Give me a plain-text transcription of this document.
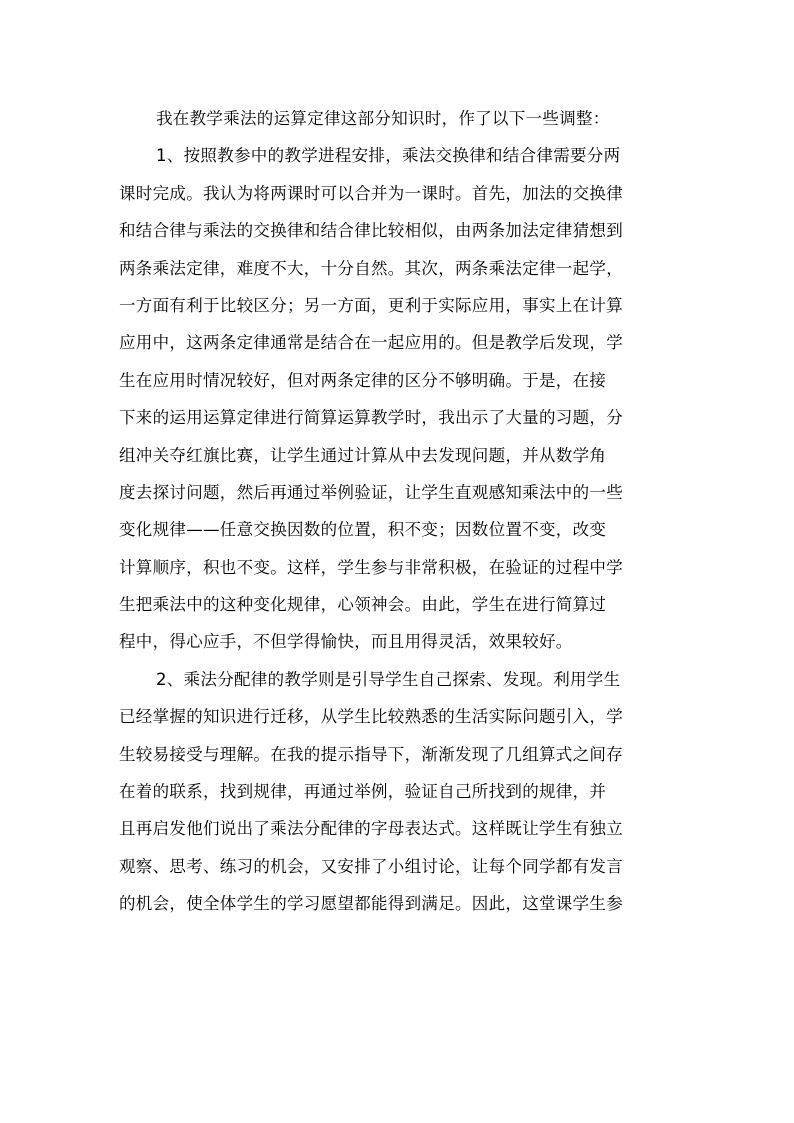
我在教学乘法的运算定律这部分知识时，作了以下一些调整：
1、按照教参中的教学进程安排，乘法交换律和结合律需要分两
课时完成。我认为将两课时可以合并为一课时。首先，加法的交换律
和结合律与乘法的交换律和结合律比较相似，由两条加法定律猜想到
两条乘法定律，难度不大，十分自然。其次，两条乘法定律一起学，
一方面有利于比较区分；另一方面，更利于实际应用，事实上在计算
应用中，这两条定律通常是结合在一起应用的。但是教学后发现，学
生在应用时情况较好，但对两条定律的区分不够明确。于是，在接
下来的运用运算定律进行简算运算教学时，我出示了大量的习题，分
组冲关夺红旗比赛，让学生通过计算从中去发现问题，并从数学角
度去探讨问题，然后再通过举例验证，让学生直观感知乘法中的一些
变化规律——任意交换因数的位置，积不变；因数位置不变，改变
计算顺序，积也不变。这样，学生参与非常积极，在验证的过程中学
生把乘法中的这种变化规律，心领神会。由此，学生在进行简算过
程中，得心应手，不但学得愉快，而且用得灵活，效果较好。
2、乘法分配律的教学则是引导学生自己探索、发现。利用学生
已经掌握的知识进行迁移，从学生比较熟悉的生活实际问题引入，学
生较易接受与理解。在我的提示指导下，渐渐发现了几组算式之间存
在着的联系，找到规律，再通过举例，验证自己所找到的规律，并
且再启发他们说出了乘法分配律的字母表达式。这样既让学生有独立
观察、思考、练习的机会，又安排了小组讨论，让每个同学都有发言
的机会，使全体学生的学习愿望都能得到满足。因此，这堂课学生参
